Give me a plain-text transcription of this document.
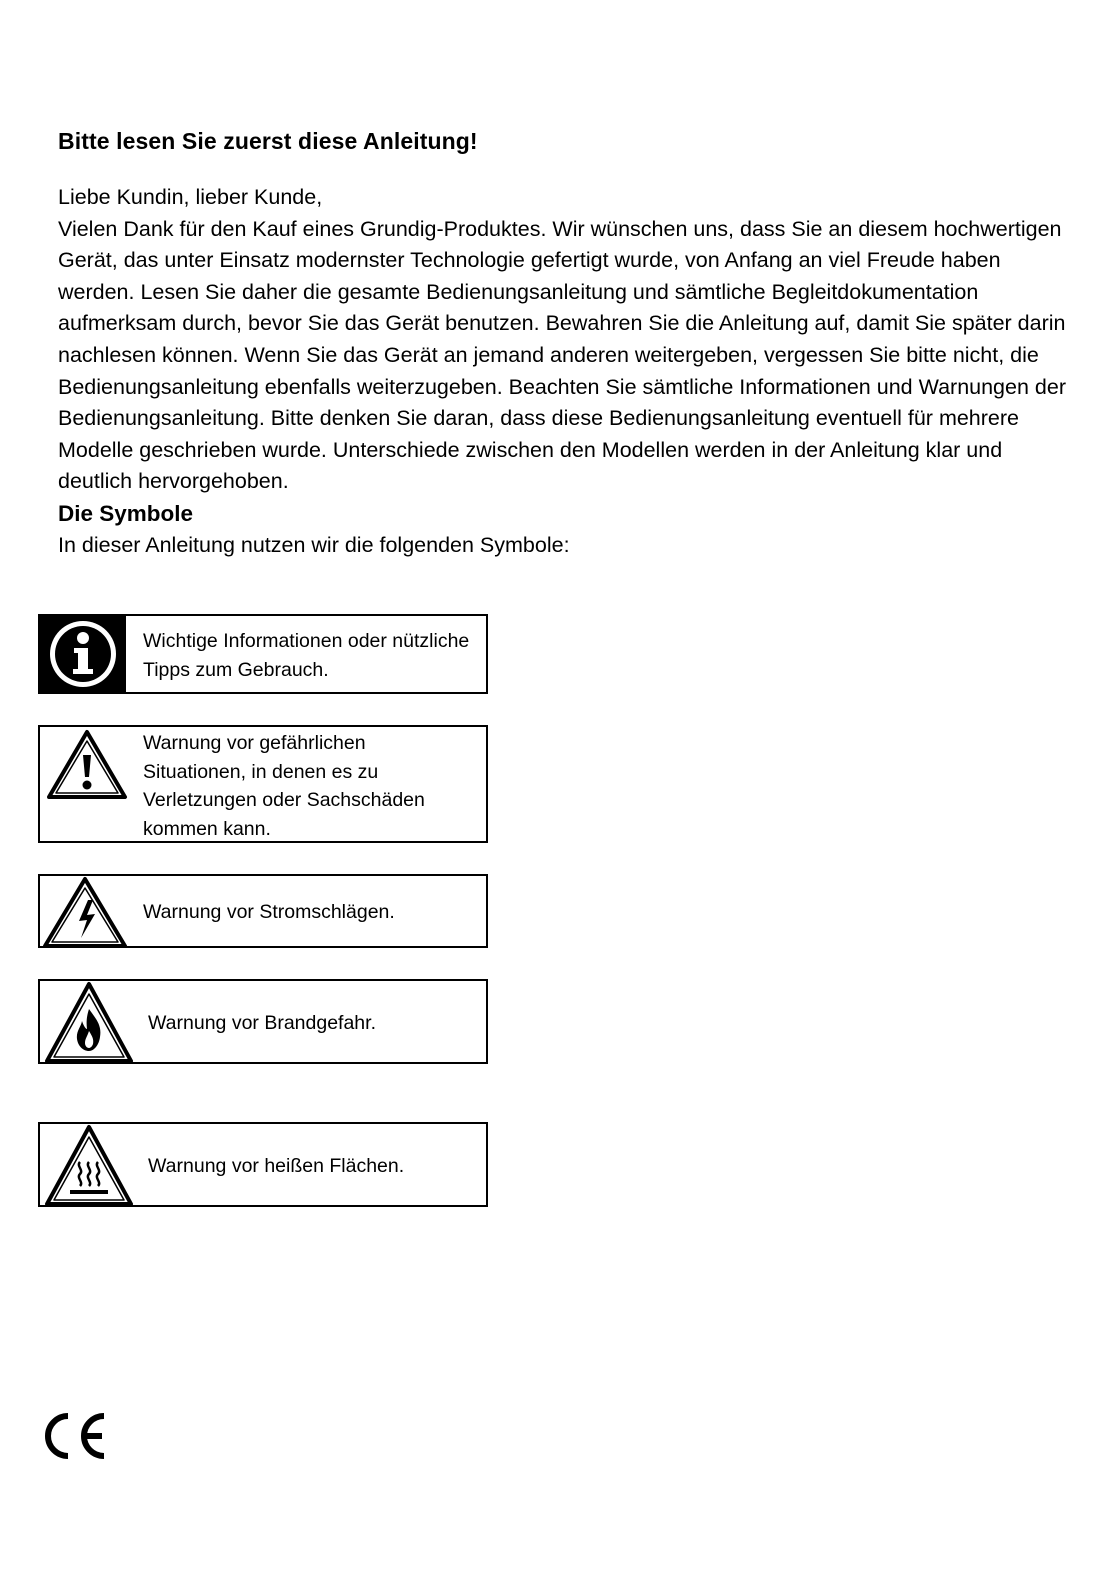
Bitte lesen Sie zuerst diese Anleitung!

Liebe Kundin, lieber Kunde,

Vielen Dank für den Kauf eines Grundig-Produktes. Wir wünschen uns, dass Sie an diesem hochwertigen Gerät, das unter Einsatz modernster Technologie gefertigt wurde, von Anfang an viel Freude haben werden. Lesen Sie daher die gesamte Bedienungsanleitung und sämtliche Begleitdokumentation aufmerksam durch, bevor Sie das Gerät benutzen. Bewahren Sie die Anleitung auf, damit Sie später darin nachlesen können. Wenn Sie das Gerät an jemand anderen weitergeben, vergessen Sie bitte nicht, die Bedienungsanleitung ebenfalls weiterzugeben. Beachten Sie sämtliche Informationen und Warnungen der Bedienungsanleitung. Bitte denken Sie daran, dass diese Bedienungsanleitung eventuell für mehrere Modelle geschrieben wurde. Unterschiede zwischen den Modellen werden in der Anleitung klar und deutlich hervorgehoben.

Die Symbole

In dieser Anleitung nutzen wir die folgenden Symbole:

Wichtige Informationen oder nützliche Tipps zum Gebrauch.
Warnung vor gefährlichen Situationen, in denen es zu Verletzungen oder Sachschäden kommen kann.
Warnung vor Stromschlägen.
Warnung vor Brandgefahr.
Warnung vor heißen Flächen.
